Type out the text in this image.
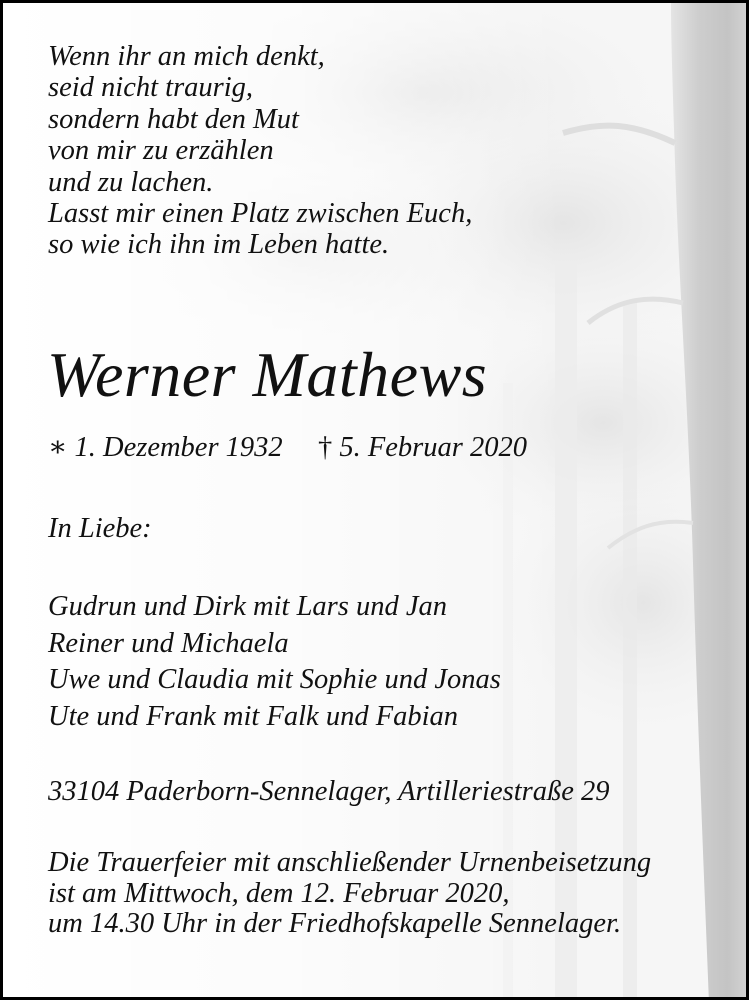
Wenn ihr an mich denkt,
seid nicht traurig,
sondern habt den Mut
von mir zu erzählen
und zu lachen.
Lasst mir einen Platz zwischen Euch,
so wie ich ihn im Leben hatte.
Werner Mathews
∗ 1. Dezember 1932 † 5. Februar 2020
In Liebe:
Gudrun und Dirk mit Lars und Jan
Reiner und Michaela
Uwe und Claudia mit Sophie und Jonas
Ute und Frank mit Falk und Fabian
33104 Paderborn-Sennelager, Artilleriestraße 29
Die Trauerfeier mit anschließender Urnenbeisetzung
ist am Mittwoch, dem 12. Februar 2020,
um 14.30 Uhr in der Friedhofskapelle Sennelager.
